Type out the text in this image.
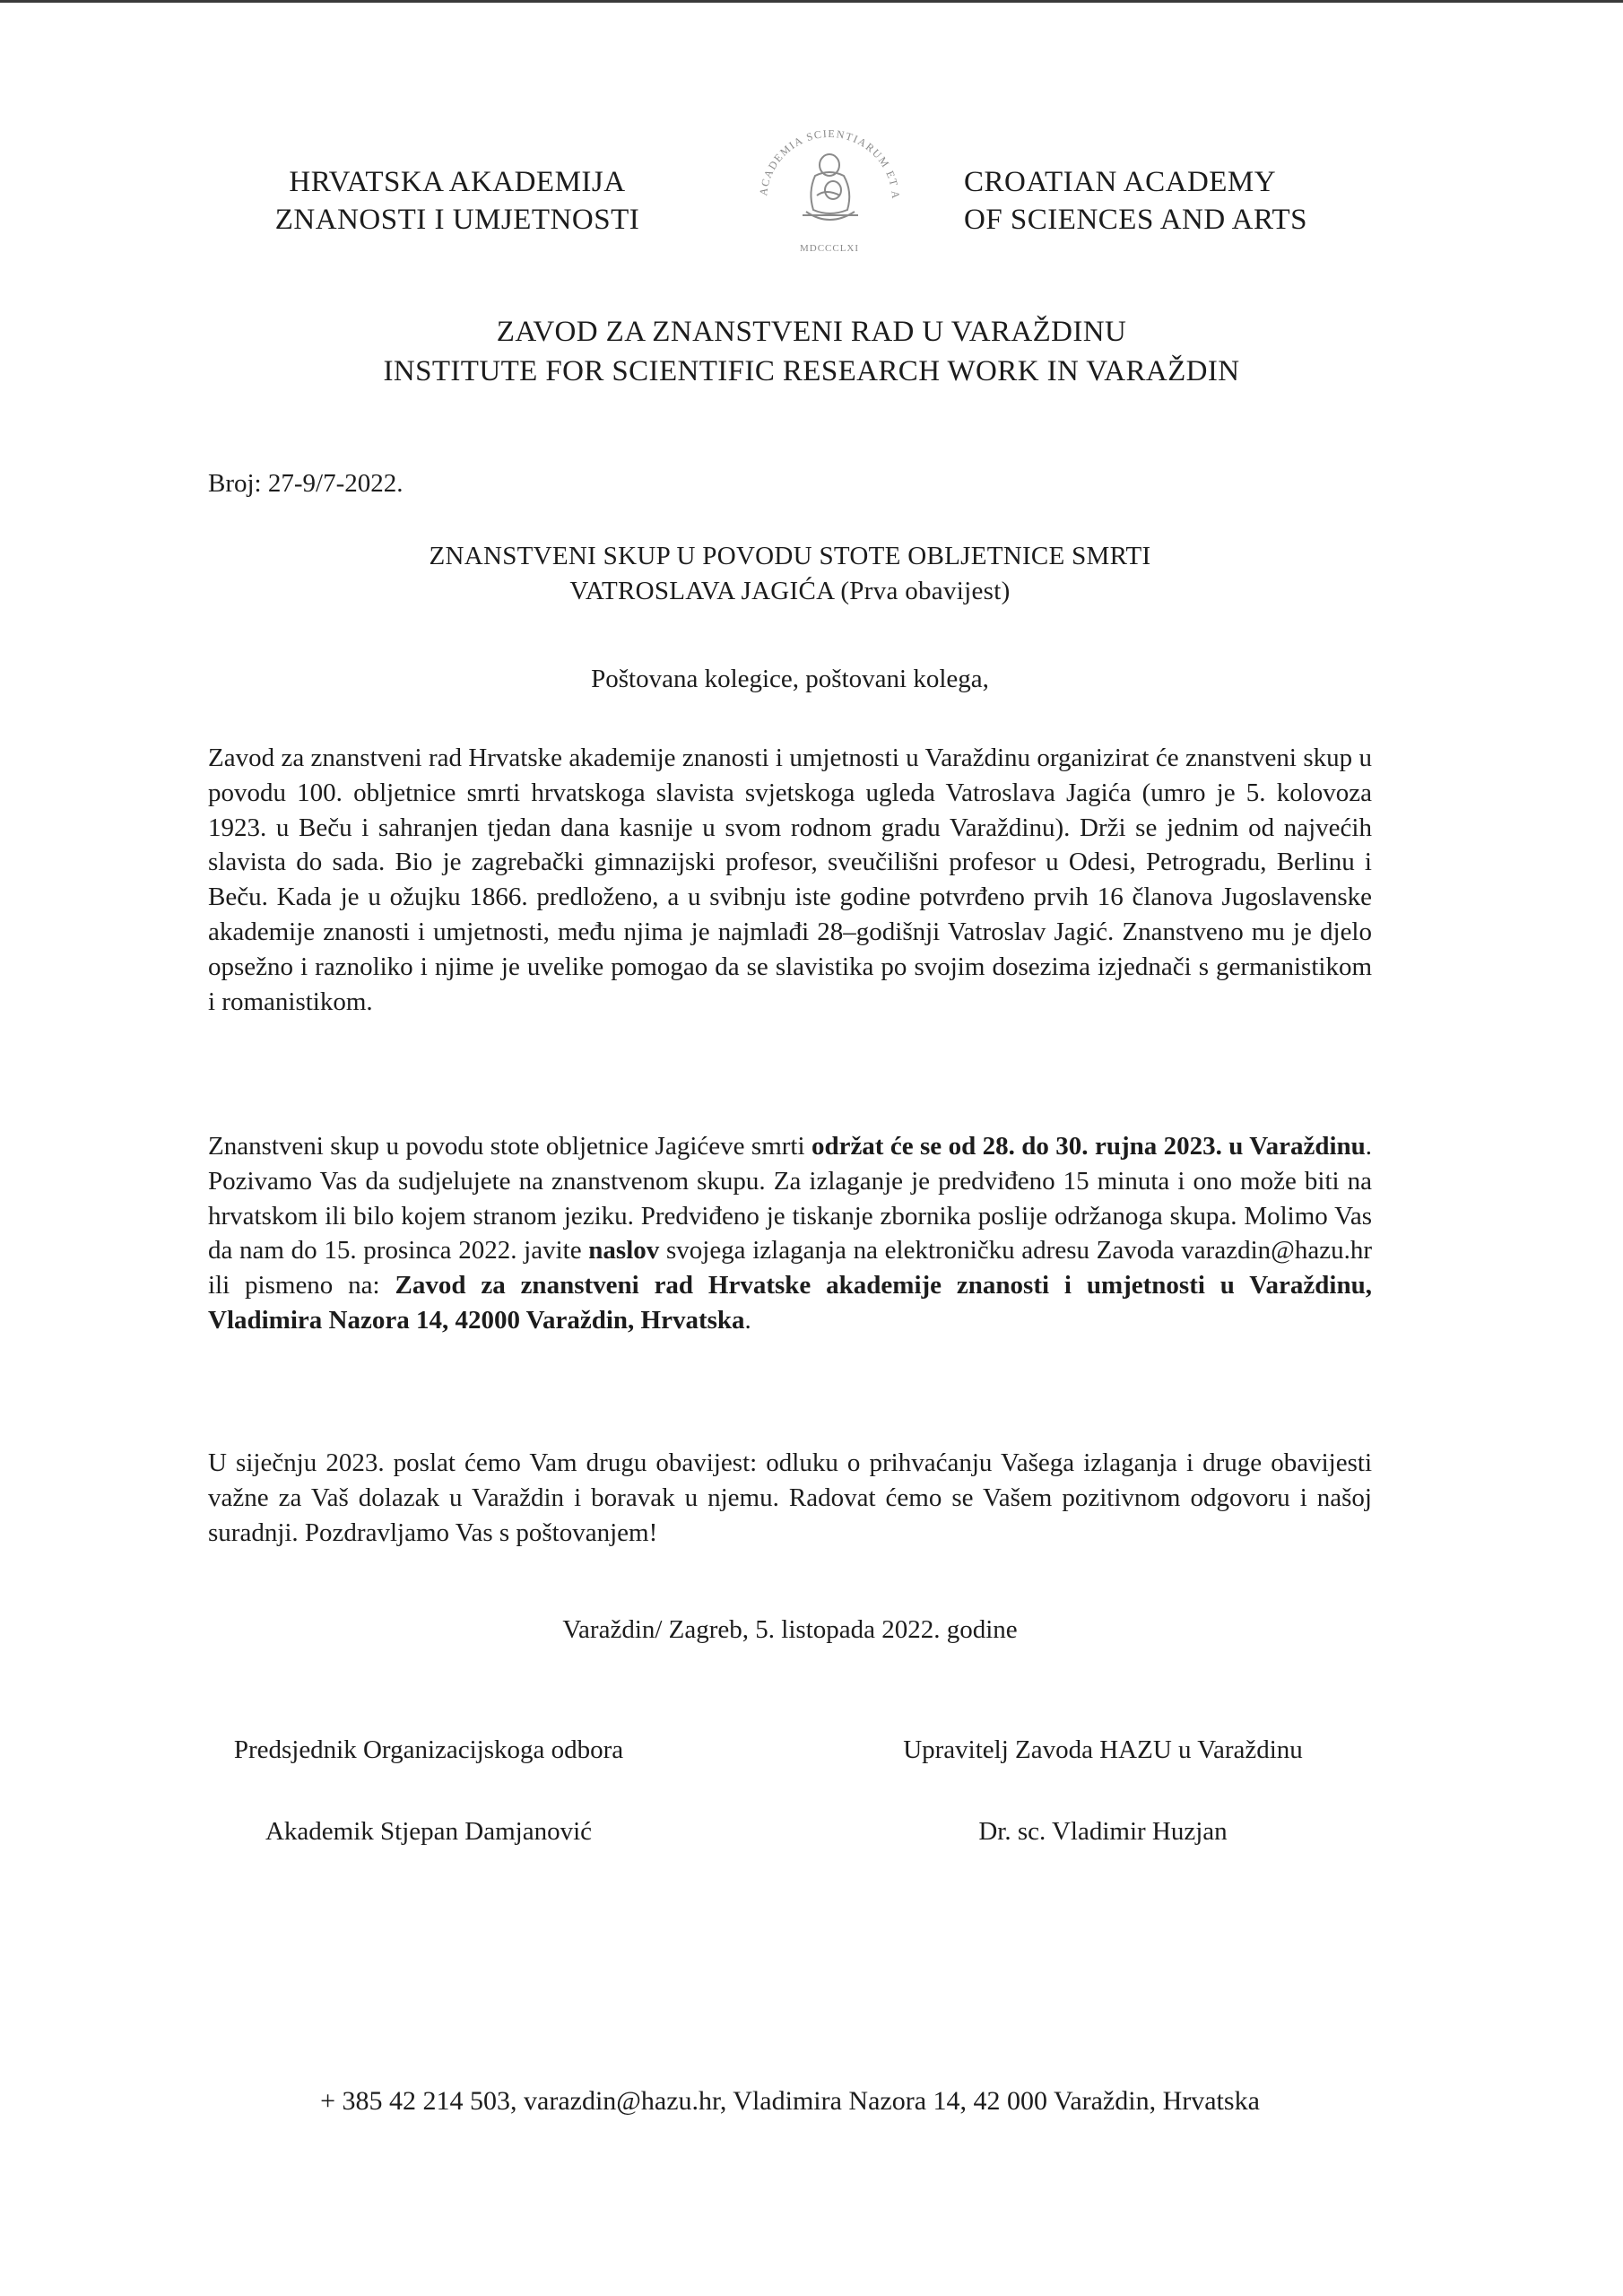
HRVATSKA AKADEMIJA
ZNANOSTI I UMJETNOSTI
ACADEMIA SCIENTIARUM ET A
MDCCCLXI
CROATIAN ACADEMY
OF SCIENCES AND ARTS
ZAVOD ZA ZNANSTVENI RAD U VARAŽDINU
INSTITUTE FOR SCIENTIFIC RESEARCH WORK IN VARAŽDIN
Broj: 27-9/7-2022.
ZNANSTVENI SKUP U POVODU STOTE OBLJETNICE SMRTI
VATROSLAVA JAGIĆA (Prva obavijest)
Poštovana kolegice, poštovani kolega,
Zavod za znanstveni rad Hrvatske akademije znanosti i umjetnosti u Varaždinu organizirat će znanstveni skup u povodu 100. obljetnice smrti hrvatskoga slavista svjetskoga ugleda Vatroslava Jagića (umro je 5. kolovoza 1923. u Beču i sahranjen tjedan dana kasnije u svom rodnom gradu Varaždinu). Drži se jednim od najvećih slavista do sada. Bio je zagrebački gimnazijski profesor, sveučilišni profesor u Odesi, Petrogradu, Berlinu i Beču. Kada je u ožujku 1866. predloženo, a u svibnju iste godine potvrđeno prvih 16 članova Jugoslavenske akademije znanosti i umjetnosti, među njima je najmlađi 28–godišnji Vatroslav Jagić. Znanstveno mu je djelo opsežno i raznoliko i njime je uvelike pomogao da se slavistika po svojim dosezima izjednači s germanistikom i romanistikom.
Znanstveni skup u povodu stote obljetnice Jagićeve smrti održat će se od 28. do 30. rujna 2023. u Varaždinu. Pozivamo Vas da sudjelujete na znanstvenom skupu. Za izlaganje je predviđeno 15 minuta i ono može biti na hrvatskom ili bilo kojem stranom jeziku. Predviđeno je tiskanje zbornika poslije održanoga skupa. Molimo Vas da nam do 15. prosinca 2022. javite naslov svojega izlaganja na elektroničku adresu Zavoda varazdin@hazu.hr ili pismeno na: Zavod za znanstveni rad Hrvatske akademije znanosti i umjetnosti u Varaždinu, Vladimira Nazora 14, 42000 Varaždin, Hrvatska.
U siječnju 2023. poslat ćemo Vam drugu obavijest: odluku o prihvaćanju Vašega izlaganja i druge obavijesti važne za Vaš dolazak u Varaždin i boravak u njemu. Radovat ćemo se Vašem pozitivnom odgovoru i našoj suradnji. Pozdravljamo Vas s poštovanjem!
Varaždin/ Zagreb, 5. listopada 2022. godine
Predsjednik Organizacijskoga odbora	Upravitelj Zavoda HAZU u Varaždinu
Akademik Stjepan Damjanović	Dr. sc. Vladimir Huzjan
+ 385 42 214 503, varazdin@hazu.hr, Vladimira Nazora 14, 42 000 Varaždin, Hrvatska
